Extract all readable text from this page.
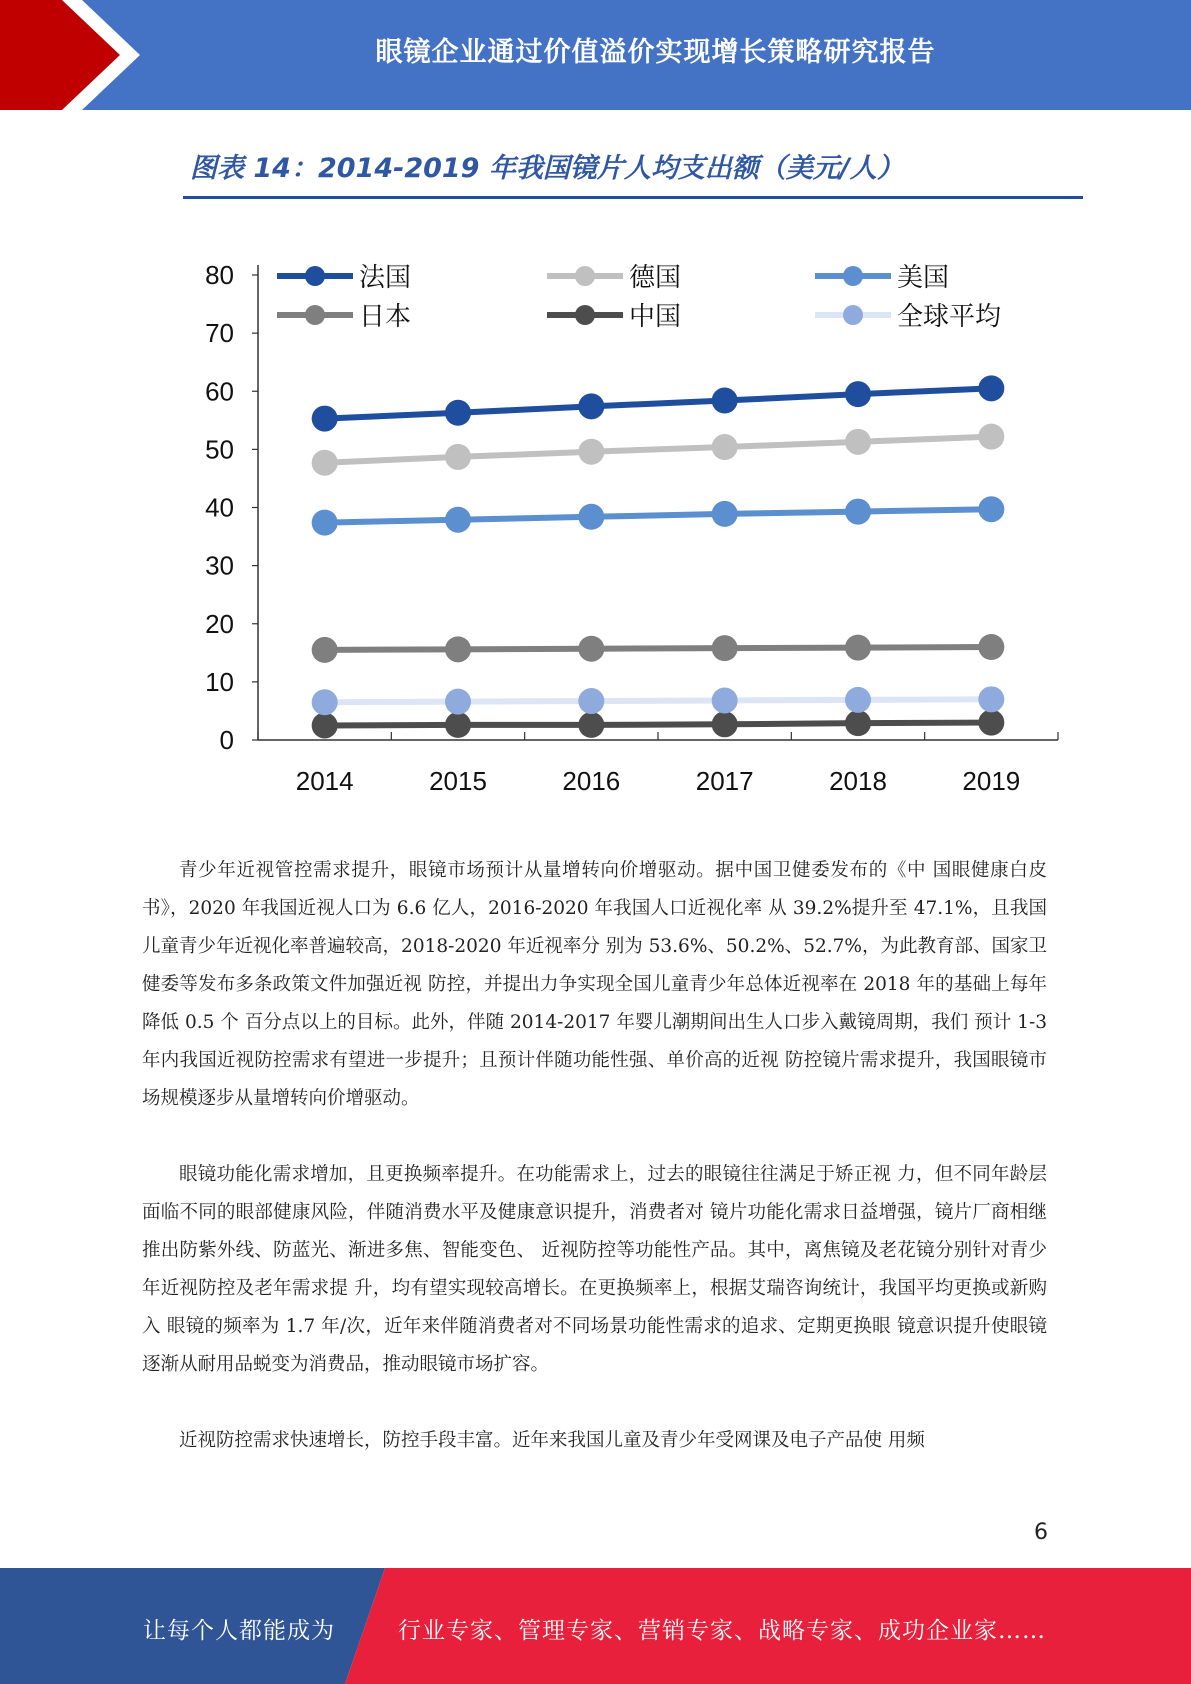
眼镜企业通过价值溢价实现增长策略研究报告
图表 14：2014-2019 年我国镜片人均支出额（美元/人）
0
10
20
30
40
50
60
70
80
2014	2015	2016	2017	2018	2019
法国	德国	美国
日本	中国	全球平均

青少年近视管控需求提升，眼镜市场预计从量增转向价增驱动。据中国卫健委发布的《中 国眼健康白皮书》，2020 年我国近视人口为 6.6 亿人，2016-2020 年我国人口近视化率 从 39.2%提升至 47.1%，且我国儿童青少年近视化率普遍较高，2018-2020 年近视率分 别为 53.6%、50.2%、52.7%，为此教育部、国家卫健委等发布多条政策文件加强近视 防控，并提出力争实现全国儿童青少年总体近视率在 2018 年的基础上每年降低 0.5 个 百分点以上的目标。此外，伴随 2014-2017 年婴儿潮期间出生人口步入戴镜周期，我们 预计 1-3 年内我国近视防控需求有望进一步提升；且预计伴随功能性强、单价高的近视 防控镜片需求提升，我国眼镜市场规模逐步从量增转向价增驱动。

眼镜功能化需求增加，且更换频率提升。在功能需求上，过去的眼镜往往满足于矫正视 力，但不同年龄层面临不同的眼部健康风险，伴随消费水平及健康意识提升，消费者对 镜片功能化需求日益增强，镜片厂商相继推出防紫外线、防蓝光、渐进多焦、智能变色、 近视防控等功能性产品。其中，离焦镜及老花镜分别针对青少年近视防控及老年需求提 升，均有望实现较高增长。在更换频率上，根据艾瑞咨询统计，我国平均更换或新购入 眼镜的频率为 1.7 年/次，近年来伴随消费者对不同场景功能性需求的追求、定期更换眼 镜意识提升使眼镜逐渐从耐用品蜕变为消费品，推动眼镜市场扩容。

近视防控需求快速增长，防控手段丰富。近年来我国儿童及青少年受网课及电子产品使 用频

6
让每个人都能成为	行业专家、管理专家、营销专家、战略专家、成功企业家……
